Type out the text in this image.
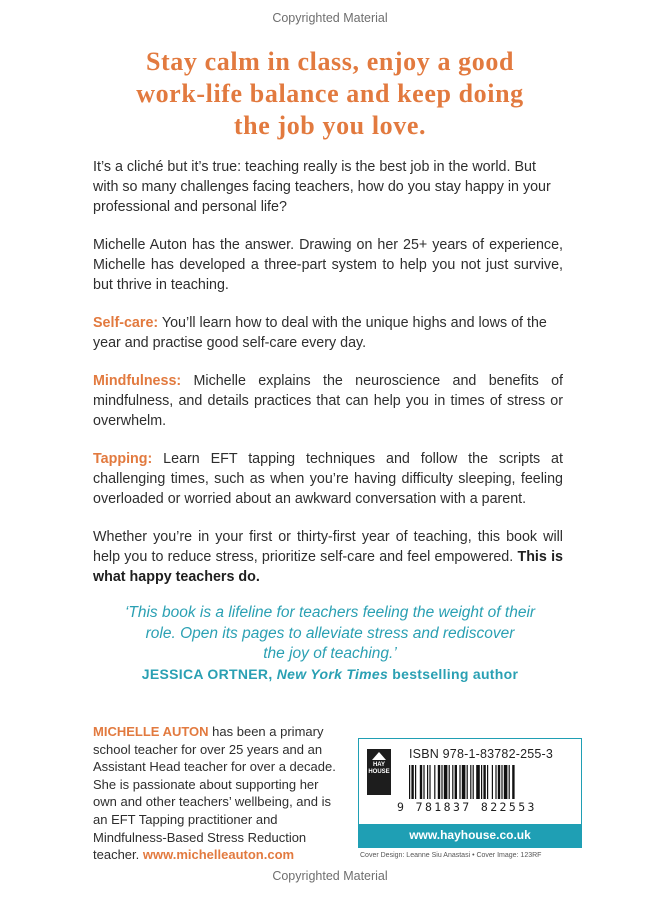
Copyrighted Material
Stay calm in class, enjoy a good
work-life balance and keep doing
the job you love.

It’s a cliché but it’s true: teaching really is the best job in the world. But with so many challenges facing teachers, how do you stay happy in your professional and personal life?

Michelle Auton has the answer. Drawing on her 25+ years of experience, Michelle has developed a three-part system to help you not just survive, but thrive in teaching.

Self-care: You’ll learn how to deal with the unique highs and lows of the year and practise good self-care every day.

Mindfulness: Michelle explains the neuroscience and benefits of mindfulness, and details practices that can help you in times of stress or overwhelm.

Tapping: Learn EFT tapping techniques and follow the scripts at challenging times, such as when you’re having difficulty sleeping, feeling overloaded or worried about an awkward conversation with a parent.

Whether you’re in your first or thirty-first year of teaching, this book will help you to reduce stress, prioritize self-care and feel empowered. This is what happy teachers do.

‘This book is a lifeline for teachers feeling the weight of their
role. Open its pages to alleviate stress and rediscover
the joy of teaching.’
JESSICA ORTNER, New York Times bestselling author
MICHELLE AUTON has been a primary school teacher for over 25 years and an Assistant Head teacher for over a decade. She is passionate about supporting her own and other teachers’ wellbeing, and is an EFT Tapping practitioner and Mindfulness-Based Stress Reduction teacher. www.michelleauton.com
HAY
HOUSE
ISBN 978-1-83782-255-3
9 781837 822553
www.hayhouse.co.uk
Cover Design: Leanne Siu Anastasi • Cover Image: 123RF
Copyrighted Material
